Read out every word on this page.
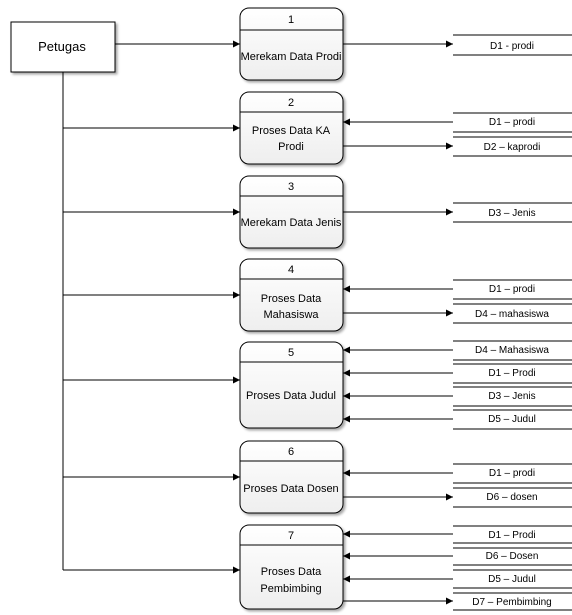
Petugas
1
Merekam Data Prodi
2
Proses Data KA
Prodi
3
Merekam Data Jenis
4
Proses Data
Mahasiswa
5
Proses Data Judul
6
Proses Data Dosen
7
Proses Data
Pembimbing
D1 - prodi
D1 – prodi
D2 – kaprodi
D3 – Jenis
D1 – prodi
D4 – mahasiswa
D4 – Mahasiswa
D1 – Prodi
D3 – Jenis
D5 – Judul
D1 – prodi
D6 – dosen
D1 – Prodi
D6 – Dosen
D5 – Judul
D7 – Pembimbing
